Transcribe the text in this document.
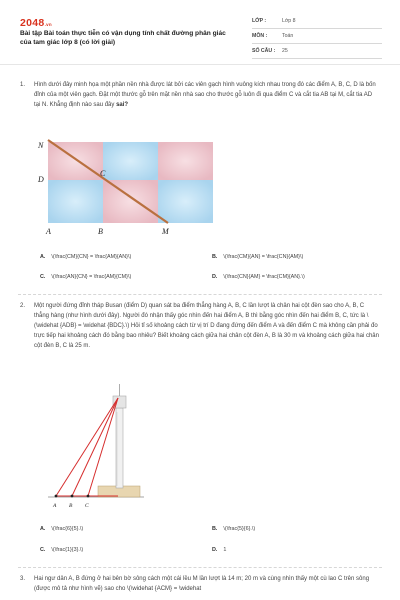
2048.vn
Bài tập Bài toán thực tiễn có vận dụng tính chất đường phân giác của tam giác lớp 8 (có lời giải)
LỚP :	Lớp 8
MÔN :	Toán
SỐ CÂU :	25
1. Hình dưới đây minh họa một phần nền nhà được lát bởi các viên gạch hình vuông kích nhau trong đó các điểm A, B, C, D là bốn đỉnh của một viên gạch. Đặt một thước gỗ trên mặt nền nhà sao cho thước gỗ luôn đi qua điểm C và cắt tia AB tại M, cắt tia AD tại N. Khẳng định nào sau đây sai?
N
D
C
A	B	M
A. \(\frac{CM}{CN} = \frac{AM}{AN}\)	B. \(\frac{CM}{AN} = \frac{CN}{AM}\)
C. \(\frac{AN}{CN} = \frac{AM}{CM}\)	D. \(\frac{CN}{AM} = \frac{CM}{AN}.\)
2. Một người đứng đỉnh tháp Busan (điểm D) quan sát ba điểm thẳng hàng A, B, C lần lượt là chân hai cột đèn sao cho A, B, C thẳng hàng (như hình dưới đây). Người đó nhận thấy góc nhìn đến hai điểm A, B thì bằng góc nhìn đến hai điểm B, C, tức là \(\widehat {ADB} = \widehat {BDC}.\) Hỏi tỉ số khoảng cách từ vị trí D đang đứng đến điểm A và đến điểm C mà không cần phải đo trực tiếp hai khoảng cách đó bằng bao nhiêu? Biết khoảng cách giữa hai chân cột đèn A, B là 30 m và khoảng cách giữa hai chân cột đèn B, C là 25 m.
A B C
A. \(\frac{6}{5}.\)	B. \(\frac{5}{6}.\)
C. \(\frac{1}{3}.\)	D. 1
3. Hai ngư dân A, B đứng ở hai bên bờ sông cách một cái lều M lần lượt là 14 m; 20 m và cùng nhìn thấy một cù lao C trên sông (được mô tả như hình vẽ) sao cho \(\widehat {ACM} = \widehat
